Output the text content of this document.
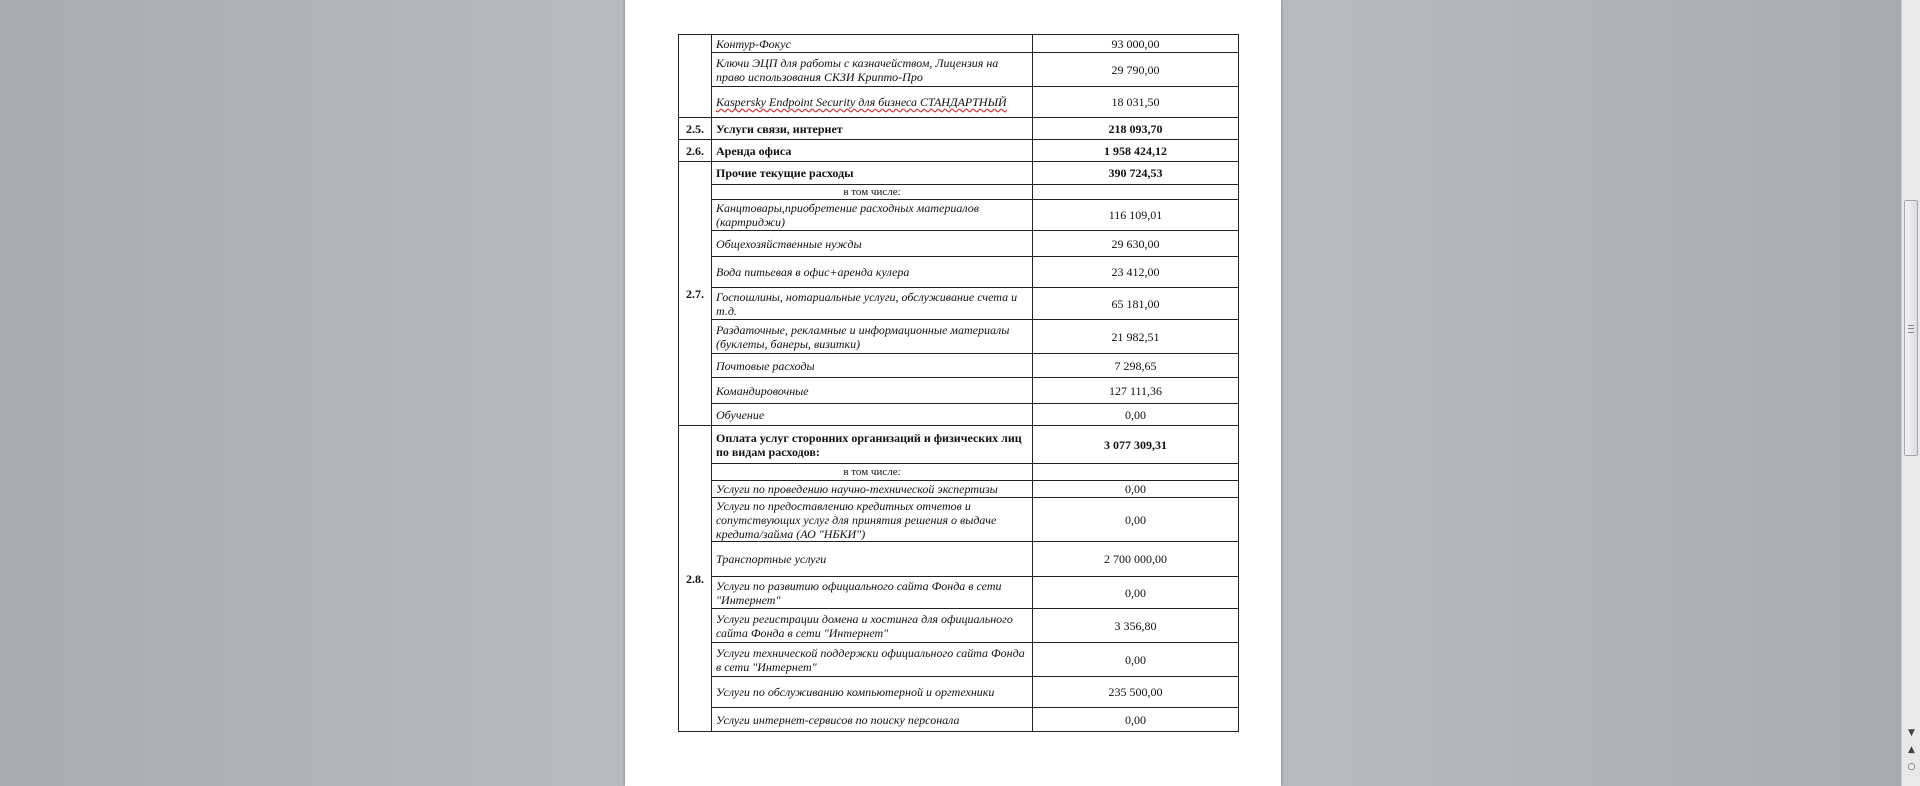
	Контур-Фокус	93 000,00
	Ключи ЭЦП для работы с казначейством, Лицензия на право использования СКЗИ Крипто-Про	29 790,00
	Kaspersky Endpoint Security для бизнеса СТАНДАРТНЫЙ	18 031,50
2.5.	Услуги связи, интернет	218 093,70
2.6.	Аренда офиса	1 958 424,12
2.7.	Прочие текущие расходы	390 724,53
	в том числе:	
	Канцтовары,приобретение расходных материалов (картриджи)	116 109,01
	Общехозяйственные нужды	29 630,00
	Вода питьевая в офис+аренда кулера	23 412,00
	Госпошлины, нотариальные услуги, обслуживание счета и т.д.	65 181,00
	Раздаточные, рекламные и информационные материалы (буклеты, банеры, визитки)	21 982,51
	Почтовые расходы	7 298,65
	Командировочные	127 111,36
	Обучение	0,00
2.8.	Оплата услуг сторонних организаций и физических лиц по видам расходов:	3 077 309,31
	в том числе:	
	Услуги по проведению научно-технической экспертизы	0,00
	Услуги по предоставлению кредитных отчетов и сопутствующих услуг для принятия решения о выдаче кредита/займа (АО "НБКИ")	0,00
	Транспортные услуги	2 700 000,00
	Услуги по развитию официального сайта Фонда в сети "Интернет"	0,00
	Услуги регистрации домена и хостинга для официального сайта Фонда в сети "Интернет"	3 356,80
	Услуги технической поддержки официального сайта Фонда в сети "Интернет"	0,00
	Услуги по обслуживанию компьютерной и оргтехники	235 500,00
	Услуги интернет-сервисов по поиску персонала	0,00
▼
▲
○
